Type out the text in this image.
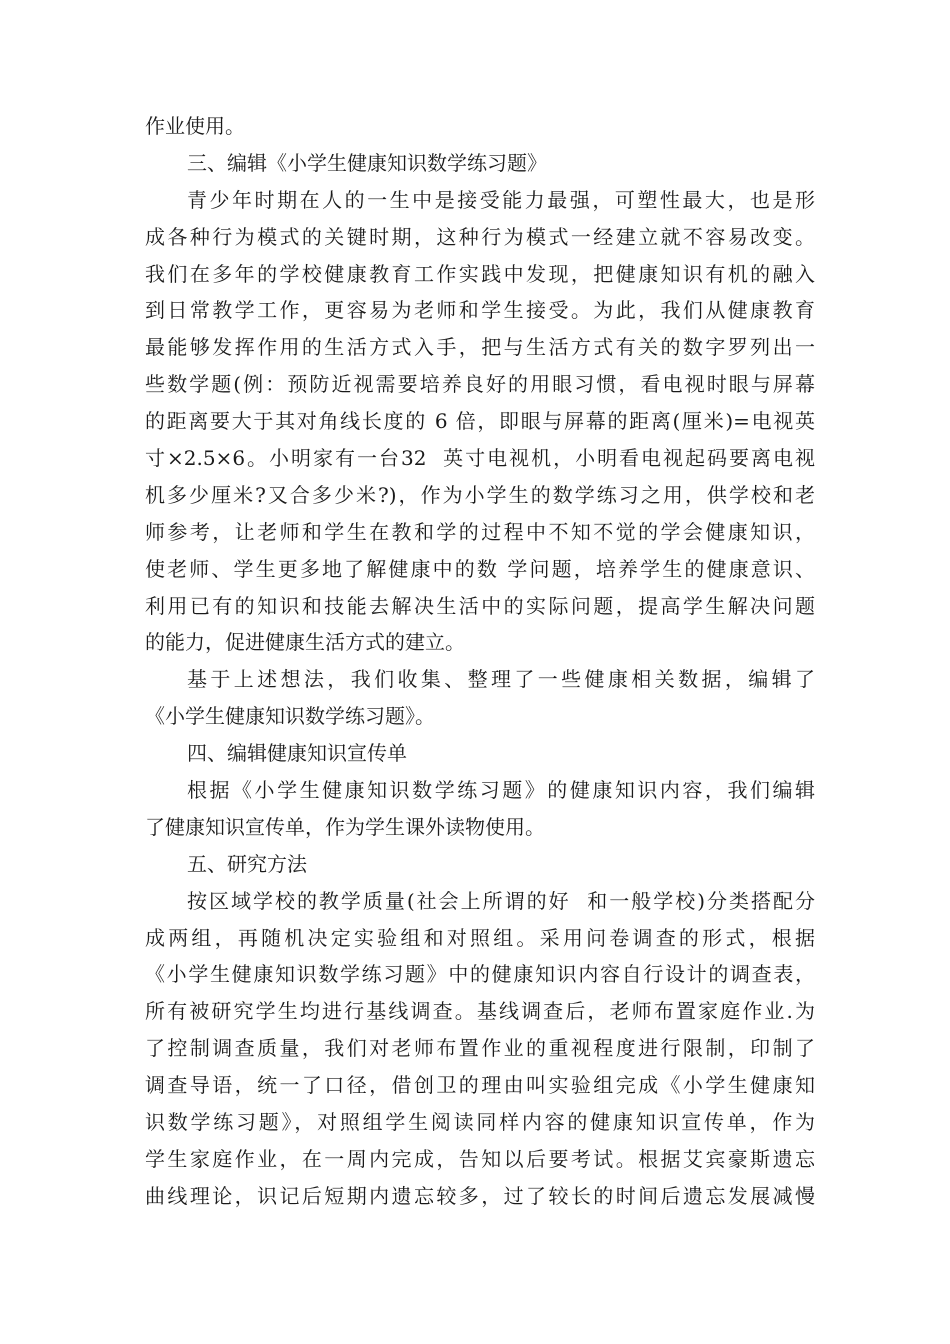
作业使用。
三、编辑《小学生健康知识数学练习题》
青少年时期在人的一生中是接受能力最强，可塑性最大，也是形
成各种行为模式的关键时期，这种行为模式一经建立就不容易改变。
我们在多年的学校健康教育工作实践中发现，把健康知识有机的融入
到日常教学工作，更容易为老师和学生接受。为此，我们从健康教育
最能够发挥作用的生活方式入手，把与生活方式有关的数字罗列出一
些数学题(例：预防近视需要培养良好的用眼习惯，看电视时眼与屏幕
的距离要大于其对角线长度的 6 倍，即眼与屏幕的距离(厘米)=电视英
寸×2.5×6。小明家有一台32  英寸电视机，小明看电视起码要离电视
机多少厘米?又合多少米?)，作为小学生的数学练习之用，供学校和老
师参考，让老师和学生在教和学的过程中不知不觉的学会健康知识，
使老师、学生更多地了解健康中的数 学问题，培养学生的健康意识、
利用已有的知识和技能去解决生活中的实际问题，提高学生解决问题
的能力，促进健康生活方式的建立。
基于上述想法，我们收集、整理了一些健康相关数据，编辑了
《小学生健康知识数学练习题》。
四、编辑健康知识宣传单
根据《小学生健康知识数学练习题》的健康知识内容，我们编辑
了健康知识宣传单，作为学生课外读物使用。
五、研究方法
按区域学校的教学质量(社会上所谓的好  和一般学校)分类搭配分
成两组，再随机决定实验组和对照组。采用问卷调查的形式，根据
《小学生健康知识数学练习题》中的健康知识内容自行设计的调查表，
所有被研究学生均进行基线调查。基线调查后，老师布置家庭作业.为
了控制调查质量，我们对老师布置作业的重视程度进行限制，印制了
调查导语，统一了口径，借创卫的理由叫实验组完成《小学生健康知
识数学练习题》，对照组学生阅读同样内容的健康知识宣传单，作为
学生家庭作业，在一周内完成，告知以后要考试。根据艾宾豪斯遗忘
曲线理论，识记后短期内遗忘较多，过了较长的时间后遗忘发展减慢
